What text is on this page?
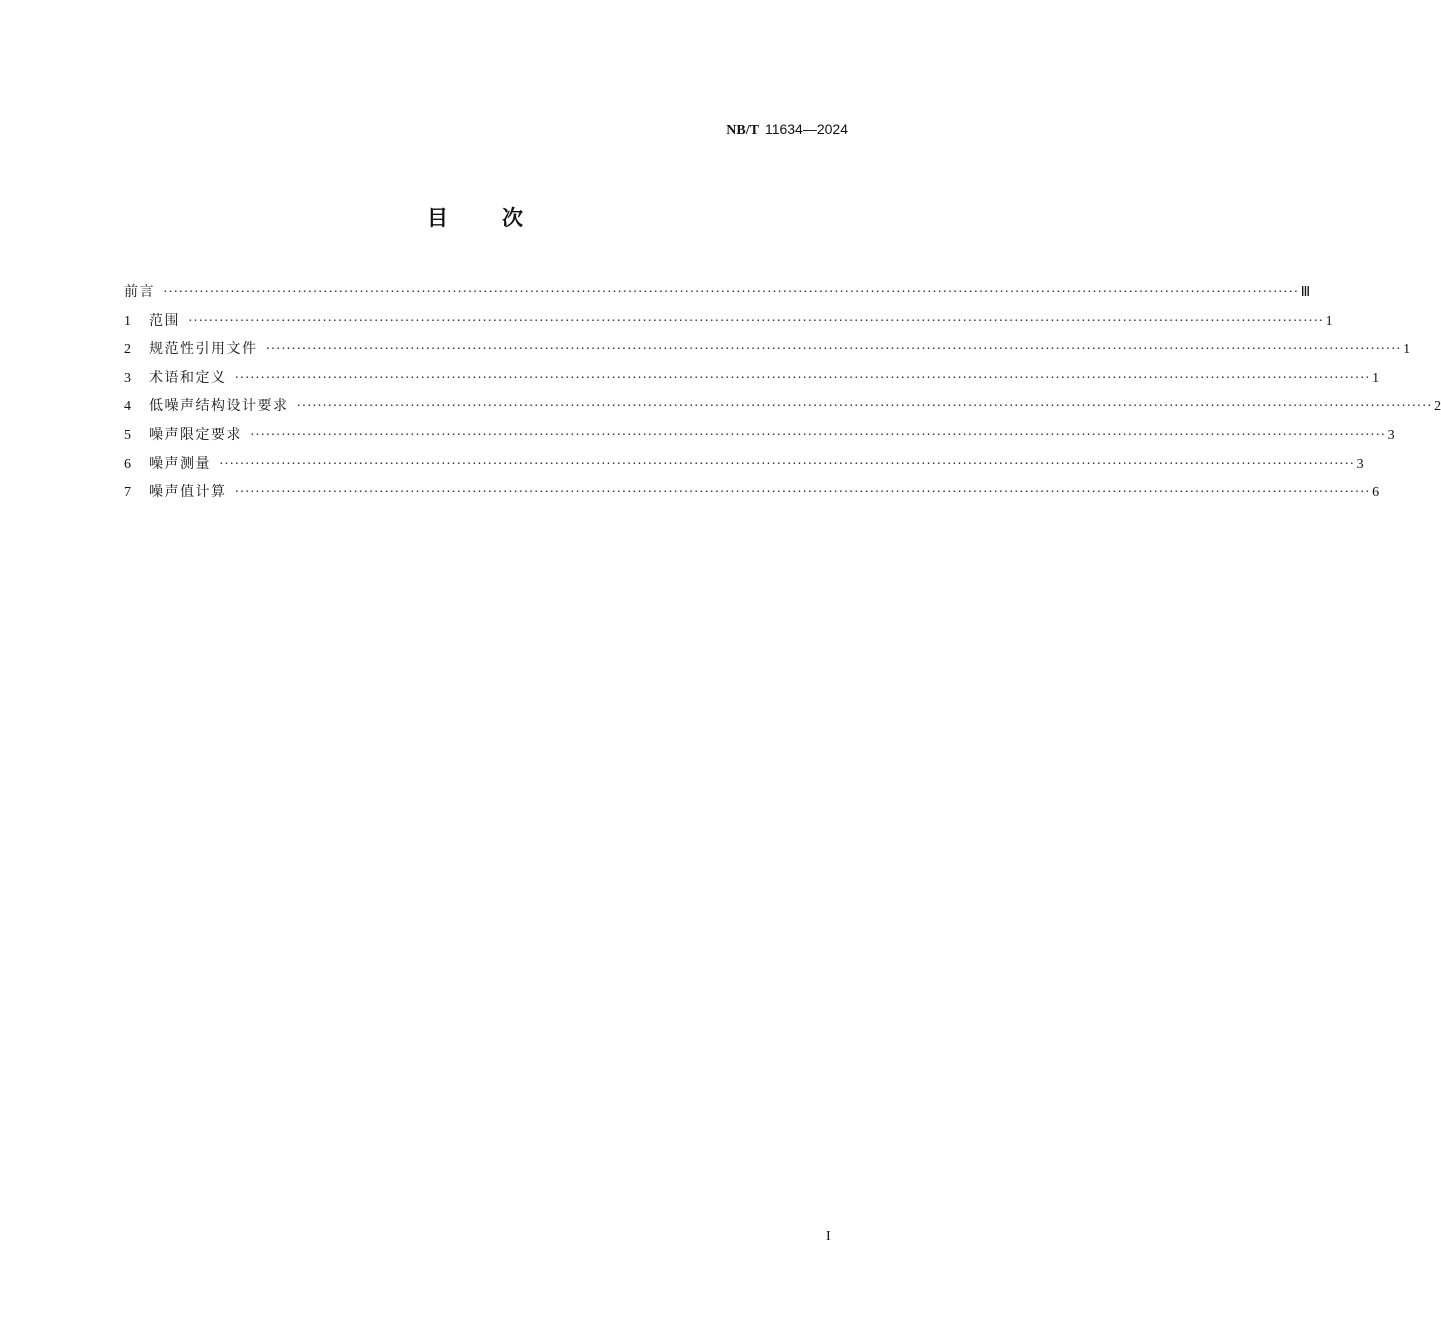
NB/T 11634—2024
目次
前言 ···························································································································································································································· Ⅲ
1	范围 ···························································································································································································································· 1
2	规范性引用文件 ···························································································································································································································· 1
3	术语和定义 ···························································································································································································································· 1
4	低噪声结构设计要求 ···························································································································································································································· 2
5	噪声限定要求 ···························································································································································································································· 3
6	噪声测量 ···························································································································································································································· 3
7	噪声值计算 ···························································································································································································································· 6
I
